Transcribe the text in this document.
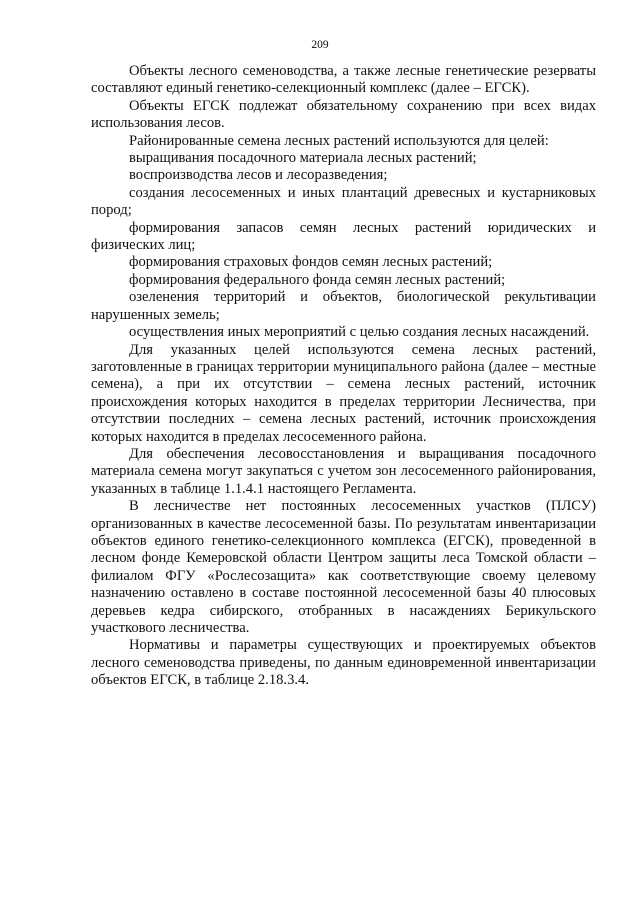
209

Объекты лесного семеноводства, а также лесные генетические резерваты составляют единый генетико-селекционный комплекс (далее – ЕГСК).

Объекты ЕГСК подлежат обязательному сохранению при всех видах использования лесов.

Районированные семена лесных растений используются для целей:

выращивания посадочного материала лесных растений;

воспроизводства лесов и лесоразведения;

создания лесосеменных и иных плантаций древесных и кустарниковых пород;

формирования запасов семян лесных растений юридических и физических лиц;

формирования страховых фондов семян лесных растений;

формирования федерального фонда семян лесных растений;

озеленения территорий и объектов, биологической рекультивации нарушенных земель;

осуществления иных мероприятий с целью создания лесных насаждений.

Для указанных целей используются семена лесных растений, заготовленные в границах территории муниципального района (далее – местные семена), а при их отсутствии – семена лесных растений, источник происхождения которых находится в пределах территории Лесничества, при отсутствии последних – семена лесных растений, источник происхождения которых находится в пределах лесосеменного района.

Для обеспечения лесовосстановления и выращивания посадочного материала семена могут закупаться с учетом зон лесосеменного районирования, указанных в таблице 1.1.4.1 настоящего Регламента.

В лесничестве нет постоянных лесосеменных участков (ПЛСУ) организованных в качестве лесосеменной базы. По результатам инвентаризации объектов единого генетико-селекционного комплекса (ЕГСК), проведенной в лесном фонде Кемеровской области Центром защиты леса Томской области – филиалом ФГУ «Рослесозащита» как соответствующие своему целевому назначению оставлено в составе постоянной лесосеменной базы 40 плюсовых деревьев кедра сибирского, отобранных в насаждениях Берикульского участкового лесничества.

Нормативы и параметры существующих и проектируемых объектов лесного семеноводства приведены, по данным единовременной инвентаризации объектов ЕГСК, в таблице 2.18.3.4.
